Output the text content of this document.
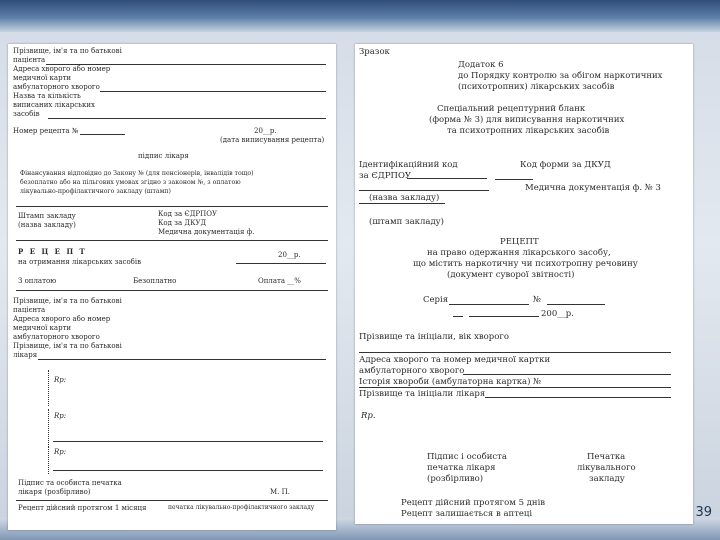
Прізвище, ім'я та по батькові
пацієнта
Адреса хворого або номер
медичної карти
амбулаторного хворого
Назва та кількість
виписаних лікарських
засобів
Номер рецепта №	20__р.
(дата виписування рецепта)
підпис лікаря
Фінансування відповідно до Закону № (для пенсіонерів, інвалідів тощо)
безоплатно або на пільгових умовах згідно з законом №, з оплатою
лікувально-профілактичного закладу (штамп)
Штамп закладу
(назва закладу)
Код за ЄДРПОУ
Код за ДКУД
Медична документація ф.
Р Е Ц Е П Т
на отримання лікарських засобів
20__р.
З оплатою	Безоплатно	Оплата __%
Прізвище, ім'я та по батькові
пацієнта
Адреса хворого або номер
медичної карти
амбулаторного хворого
Прізвище, ім'я та по батькові
лікаря
Rp:
Rp:
Rp:
Підпис та особиста печатка
лікаря (розбірливо)	М. П.
Рецепт дійсний протягом 1 місяця	печатка лікувально-профілактичного закладу
Зразок
Додаток 6
до Порядку контролю за обігом наркотичних
(психотропних) лікарських засобів
Спеціальний рецептурний бланк
(форма № 3) для виписування наркотичних
та психотропних лікарських засобів
Ідентифікаційний код
за ЄДРПОУ
Код форми за ДКУД
Медична документація ф. № 3
(назва закладу)
(штамп закладу)
РЕЦЕПТ
на право одержання лікарського засобу,
що містить наркотичну чи психотропну речовину
(документ суворої звітності)
Серія	№
200__р.
Прізвище та ініціали, вік хворого
Адреса хворого та номер медичної картки
амбулаторного хворого
Історія хвороби (амбулаторна картка) №
Прізвище та ініціали лікаря
Rp.
Підпис і особиста
печатка лікаря
(розбірливо)
Печатка
лікувального
закладу
Рецепт дійсний протягом 5 днів
Рецепт залишається в аптеці	39
